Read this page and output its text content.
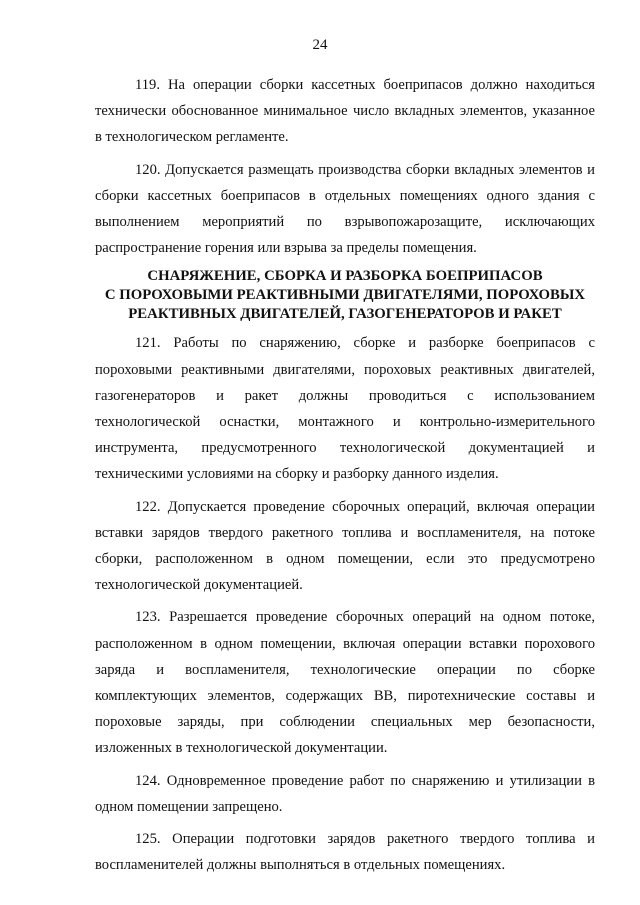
24

119. На операции сборки кассетных боеприпасов должно находиться технически обоснованное минимальное число вкладных элементов, указанное в технологическом регламенте.

120. Допускается размещать производства сборки вкладных элементов и сборки кассетных боеприпасов в отдельных помещениях одного здания с выполнением мероприятий по взрывопожарозащите, исключающих распространение горения или взрыва за пределы помещения.

СНАРЯЖЕНИЕ, СБОРКА И РАЗБОРКА БОЕПРИПАСОВ
С ПОРОХОВЫМИ РЕАКТИВНЫМИ ДВИГАТЕЛЯМИ, ПОРОХОВЫХ
РЕАКТИВНЫХ ДВИГАТЕЛЕЙ, ГАЗОГЕНЕРАТОРОВ И РАКЕТ

121. Работы по снаряжению, сборке и разборке боеприпасов с пороховыми реактивными двигателями, пороховых реактивных двигателей, газогенераторов и ракет должны проводиться с использованием технологической оснастки, монтажного и контрольно-измерительного инструмента, предусмотренного технологической документацией и техническими условиями на сборку и разборку данного изделия.

122. Допускается проведение сборочных операций, включая операции вставки зарядов твердого ракетного топлива и воспламенителя, на потоке сборки, расположенном в одном помещении, если это предусмотрено технологической документацией.

123. Разрешается проведение сборочных операций на одном потоке, расположенном в одном помещении, включая операции вставки порохового заряда и воспламенителя, технологические операции по сборке комплектующих элементов, содержащих ВВ, пиротехнические составы и пороховые заряды, при соблюдении специальных мер безопасности, изложенных в технологической документации.

124. Одновременное проведение работ по снаряжению и утилизации в одном помещении запрещено.

125. Операции подготовки зарядов ракетного твердого топлива и воспламенителей должны выполняться в отдельных помещениях.
